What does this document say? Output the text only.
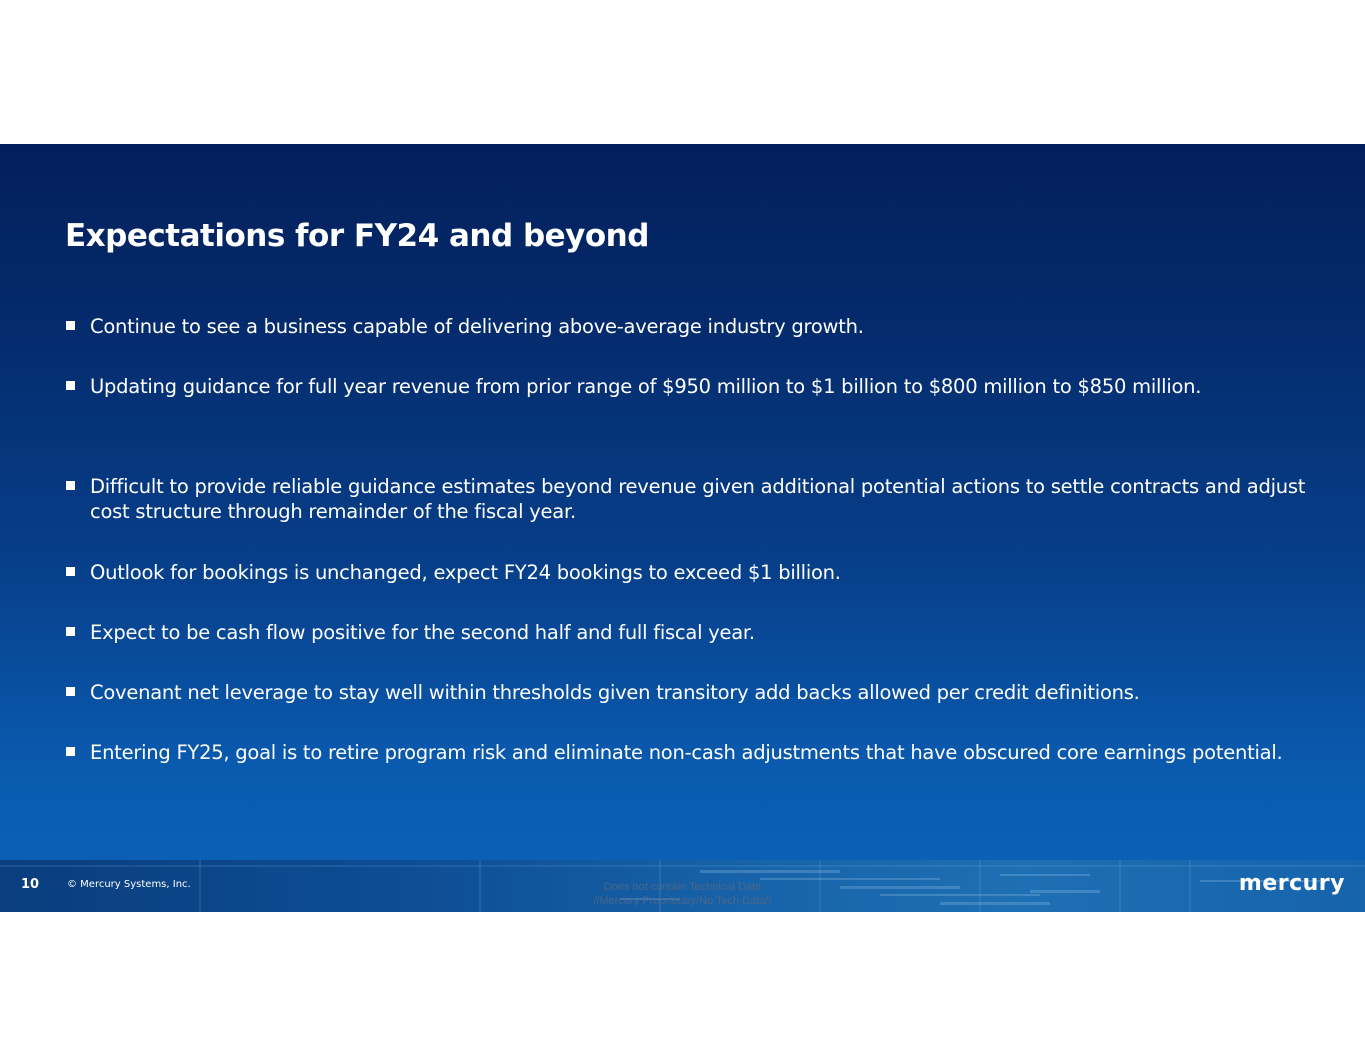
Expectations for FY24 and beyond
Continue to see a business capable of delivering above-average industry growth.
Updating guidance for full year revenue from prior range of $950 million to $1 billion to $800 million to $850 million.
Difficult to provide reliable guidance estimates beyond revenue given additional potential actions to settle contracts and adjust cost structure through remainder of the fiscal year.
Outlook for bookings is unchanged, expect FY24 bookings to exceed $1 billion.
Expect to be cash flow positive for the second half and full fiscal year.
Covenant net leverage to stay well within thresholds given transitory add backs allowed per credit definitions.
Entering FY25, goal is to retire program risk and eliminate non-cash adjustments that have obscured core earnings potential.
10	© Mercury Systems, Inc.	Does not contain Technical Data
//Mercury Proprietary/No Tech Data//
mercury
